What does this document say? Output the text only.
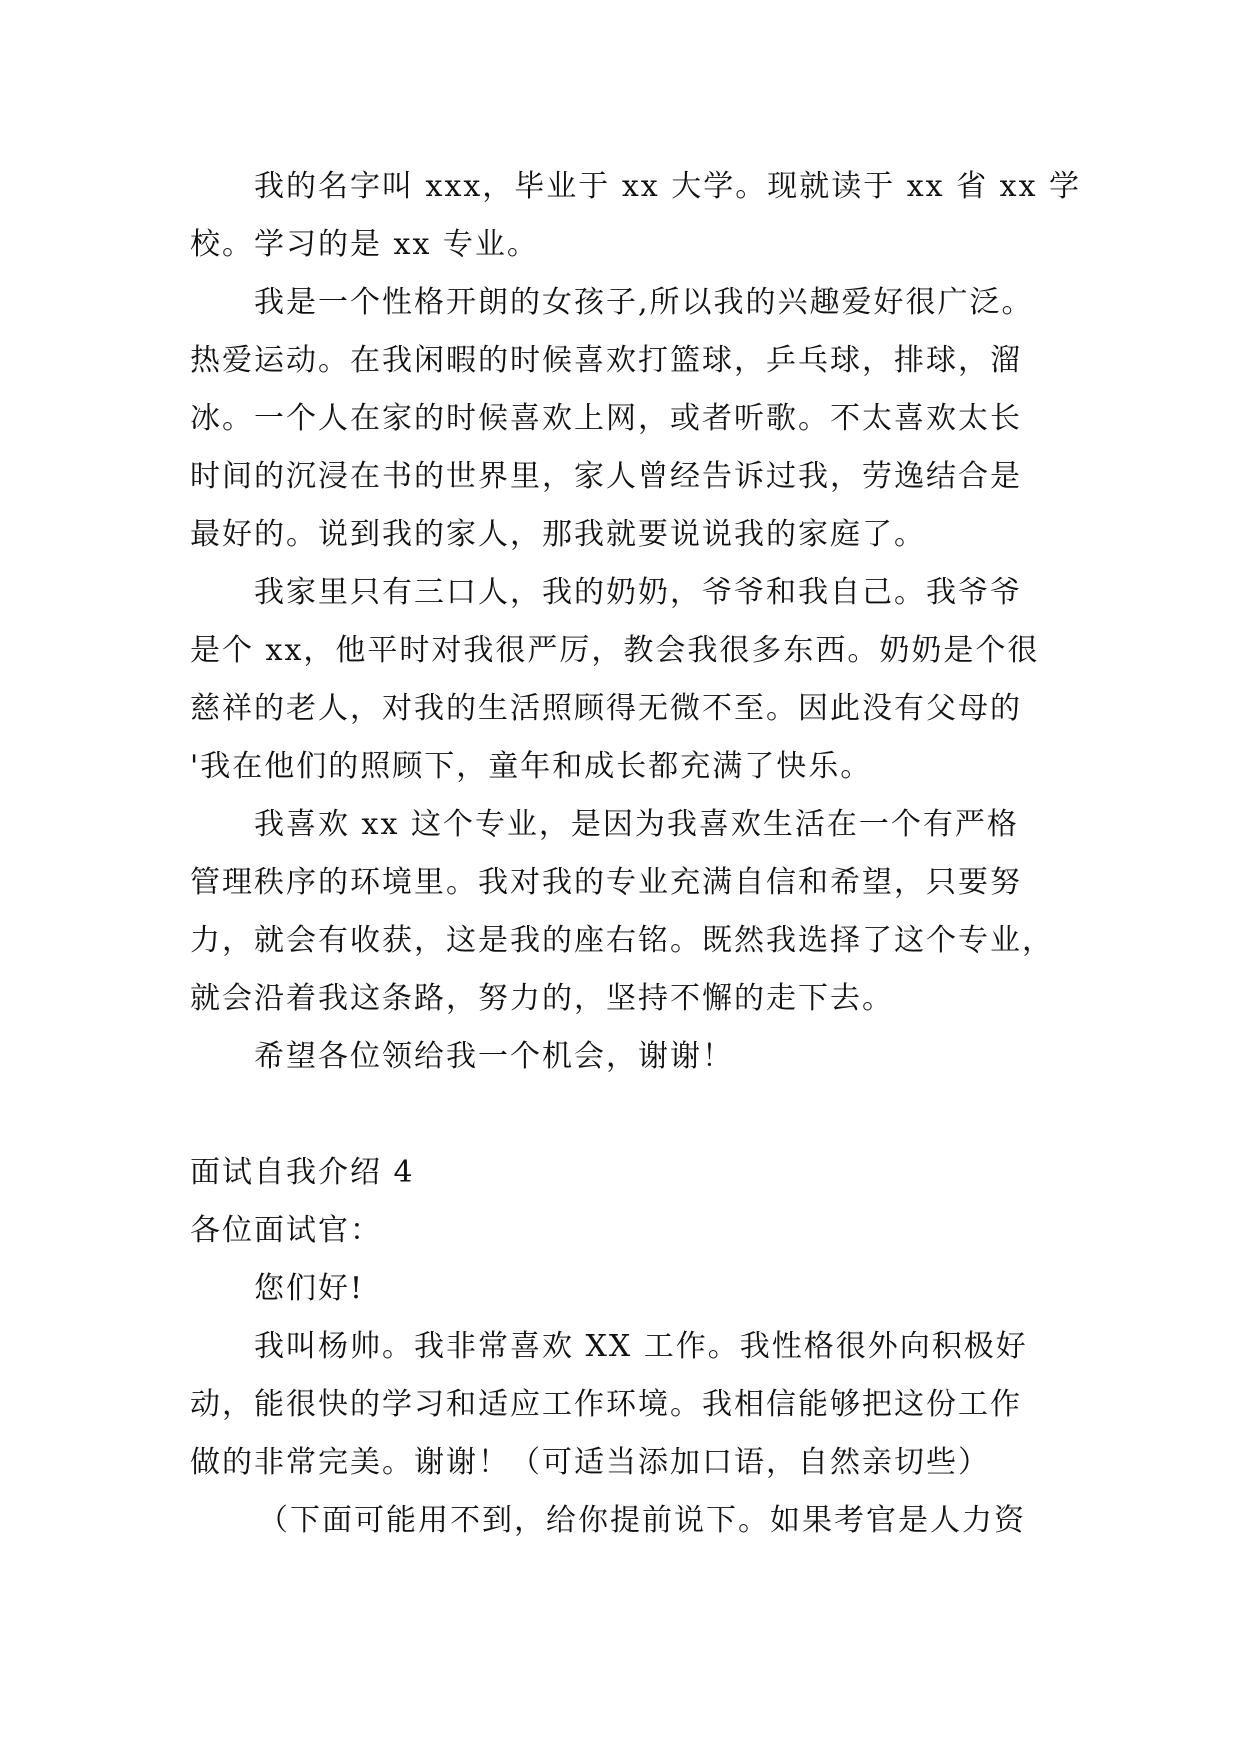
我的名字叫 xxx，毕业于 xx 大学。现就读于 xx 省 xx 学
校。学习的是 xx 专业。
我是一个性格开朗的女孩子,所以我的兴趣爱好很广泛。
热爱运动。在我闲暇的时候喜欢打篮球，乒乓球，排球，溜
冰。一个人在家的时候喜欢上网，或者听歌。不太喜欢太长
时间的沉浸在书的世界里，家人曾经告诉过我，劳逸结合是
最好的。说到我的家人，那我就要说说我的家庭了。
我家里只有三口人，我的奶奶，爷爷和我自己。我爷爷
是个 xx，他平时对我很严厉，教会我很多东西。奶奶是个很
慈祥的老人，对我的生活照顾得无微不至。因此没有父母的
'我在他们的照顾下，童年和成长都充满了快乐。
我喜欢 xx 这个专业，是因为我喜欢生活在一个有严格
管理秩序的环境里。我对我的专业充满自信和希望，只要努
力，就会有收获，这是我的座右铭。既然我选择了这个专业，
就会沿着我这条路，努力的，坚持不懈的走下去。
希望各位领给我一个机会，谢谢！
面试自我介绍 4
各位面试官：
您们好!
我叫杨帅。我非常喜欢 XX 工作。我性格很外向积极好
动，能很快的学习和适应工作环境。我相信能够把这份工作
做的非常完美。谢谢！（可适当添加口语，自然亲切些）
（下面可能用不到，给你提前说下。如果考官是人力资
